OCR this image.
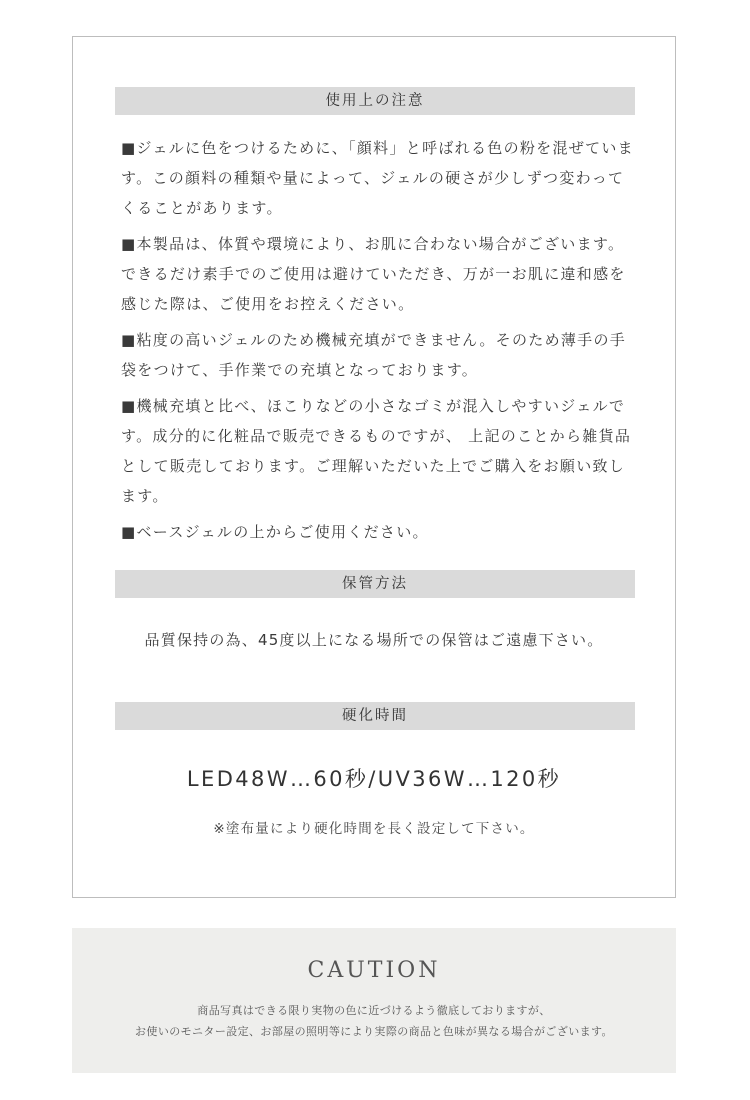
使用上の注意

■ジェルに色をつけるために、「顔料」と呼ばれる色の粉を混ぜています。この顔料の種類や量によって、ジェルの硬さが少しずつ変わってくることがあります。

■本製品は、体質や環境により、お肌に合わない場合がございます。できるだけ素手でのご使用は避けていただき、万が一お肌に違和感を感じた際は、ご使用をお控えください。

■粘度の高いジェルのため機械充填ができません。そのため薄手の手袋をつけて、手作業での充填となっております。

■機械充填と比べ、ほこりなどの小さなゴミが混入しやすいジェルです。成分的に化粧品で販売できるものですが、 上記のことから雑貨品として販売しております。ご理解いただいた上でご購入をお願い致します。

■ベースジェルの上からご使用ください。

保管方法
品質保持の為、45度以上になる場所での保管はご遠慮下さい。
硬化時間
LED48W…60秒/UV36W…120秒
※塗布量により硬化時間を長く設定して下さい。
CAUTION
商品写真はできる限り実物の色に近づけるよう徹底しておりますが、
お使いのモニター設定、お部屋の照明等により実際の商品と色味が異なる場合がございます。
